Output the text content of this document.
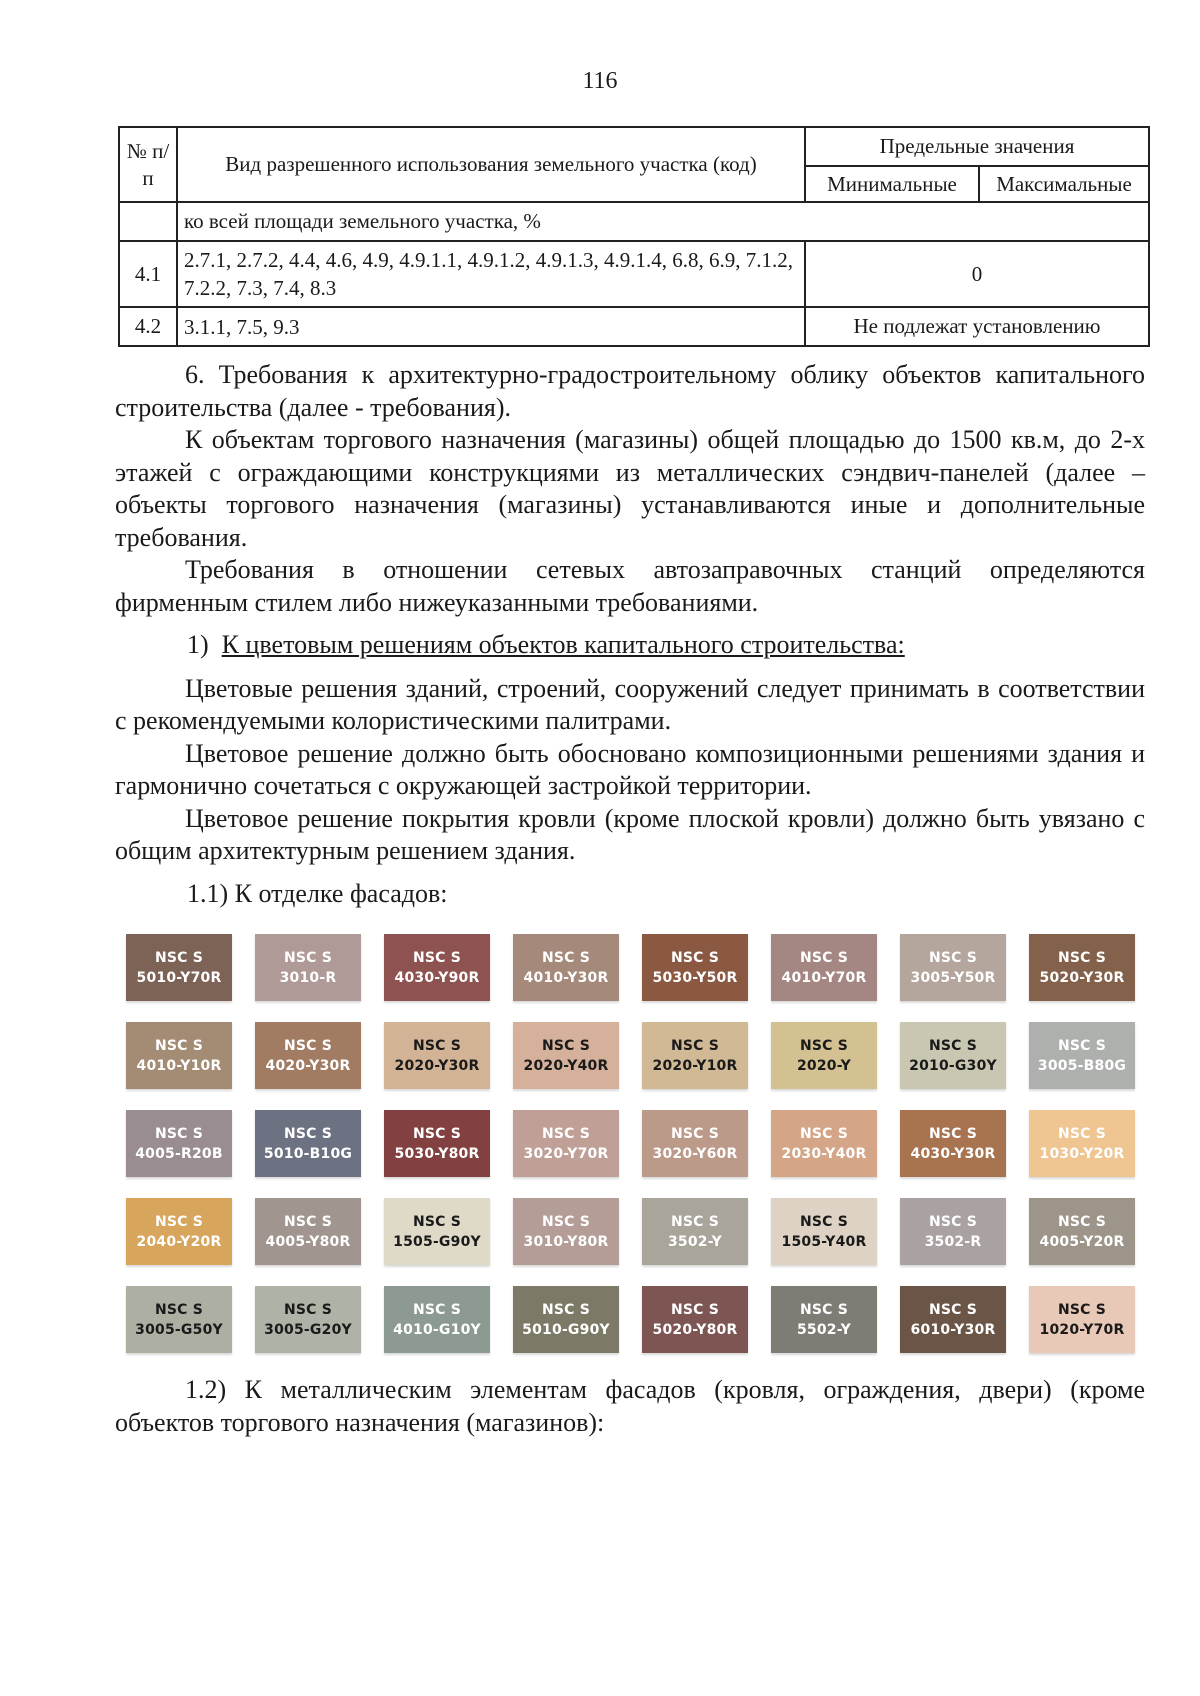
116
№ п/п	Вид разрешенного использования земельного участка (код)	Предельные значения	
		Минимальные	Максимальные
	ко всей площади земельного участка, %		
4.1	2.7.1, 2.7.2, 4.4, 4.6, 4.9, 4.9.1.1, 4.9.1.2, 4.9.1.3, 4.9.1.4, 6.8, 6.9, 7.1.2, 7.2.2, 7.3, 7.4, 8.3	0	
4.2	3.1.1, 7.5, 9.3	Не подлежат установлению	

6. Требования к архитектурно-градостроительному облику объектов капитального строительства (далее - требования).

К объектам торгового назначения (магазины) общей площадью до 1500 кв.м, до 2-х этажей с ограждающими конструкциями из металлических сэндвич-панелей (далее – объекты торгового назначения (магазины) устанавливаются иные и дополнительные требования.

Требования в отношении сетевых автозаправочных станций определяются фирменным стилем либо нижеуказанными требованиями.

1) К цветовым решениям объектов капитального строительства:

Цветовые решения зданий, строений, сооружений следует принимать в соответствии с рекомендуемыми колористическими палитрами.

Цветовое решение должно быть обосновано композиционными решениями здания и гармонично сочетаться с окружающей застройкой территории.

Цветовое решение покрытия кровли (кроме плоской кровли) должно быть увязано с общим архитектурным решением здания.

1.1) К отделке фасадов:

NSC S
5010-Y70R
NSC S
3010-R
NSC S
4030-Y90R
NSC S
4010-Y30R
NSC S
5030-Y50R
NSC S
4010-Y70R
NSC S
3005-Y50R
NSC S
5020-Y30R
NSC S
4010-Y10R
NSC S
4020-Y30R
NSC S
2020-Y30R
NSC S
2020-Y40R
NSC S
2020-Y10R
NSC S
2020-Y
NSC S
2010-G30Y
NSC S
3005-B80G
NSC S
4005-R20B
NSC S
5010-B10G
NSC S
5030-Y80R
NSC S
3020-Y70R
NSC S
3020-Y60R
NSC S
2030-Y40R
NSC S
4030-Y30R
NSC S
1030-Y20R
NSC S
2040-Y20R
NSC S
4005-Y80R
NSC S
1505-G90Y
NSC S
3010-Y80R
NSC S
3502-Y
NSC S
1505-Y40R
NSC S
3502-R
NSC S
4005-Y20R
NSC S
3005-G50Y
NSC S
3005-G20Y
NSC S
4010-G10Y
NSC S
5010-G90Y
NSC S
5020-Y80R
NSC S
5502-Y
NSC S
6010-Y30R
NSC S
1020-Y70R

1.2) К металлическим элементам фасадов (кровля, ограждения, двери) (кроме объектов торгового назначения (магазинов):
